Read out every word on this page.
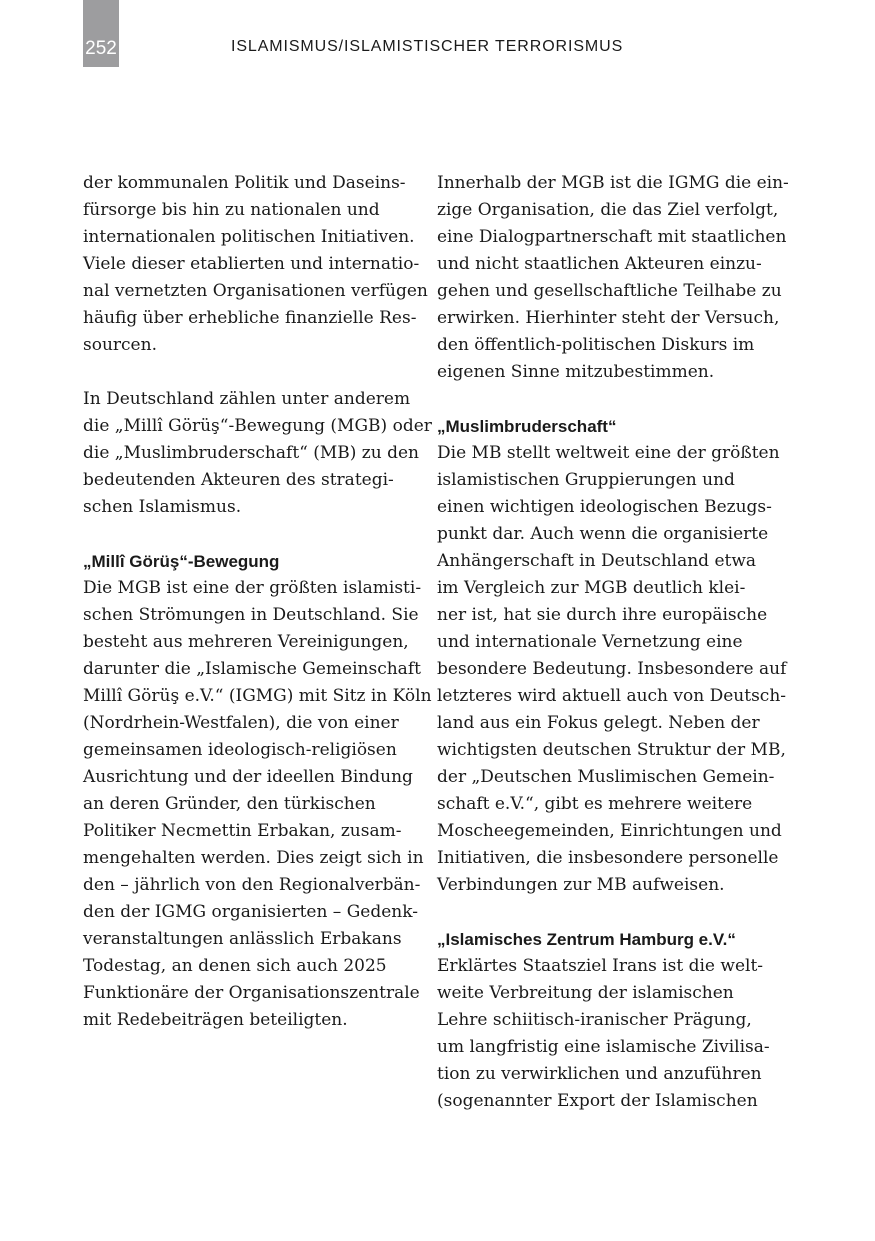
252	ISLAMISMUS/ISLAMISTISCHER TERRORISMUS
der kommunalen Politik und Daseins-
fürsorge bis hin zu nationalen und
internationalen politischen Initiativen.
Viele dieser etablierten und internatio-
nal vernetzten Organisationen verfügen
häufig über erhebliche finanzielle Res-
sourcen.
In Deutschland zählen unter anderem
die „Millî Görüş“-Bewegung (MGB) oder
die „Muslimbruderschaft“ (MB) zu den
bedeutenden Akteuren des strategi-
schen Islamismus.
„Millî Görüş“-Bewegung
Die MGB ist eine der größten islamisti-
schen Strömungen in Deutschland. Sie
besteht aus mehreren Vereinigungen,
darunter die „Islamische Gemeinschaft
Millî Görüş e.V.“ (IGMG) mit Sitz in Köln
(Nordrhein-Westfalen), die von einer
gemeinsamen ideologisch-religiösen
Ausrichtung und der ideellen Bindung
an deren Gründer, den türkischen
Politiker Necmettin Erbakan, zusam-
mengehalten werden. Dies zeigt sich in
den – jährlich von den Regionalverbän-
den der IGMG organisierten – Gedenk-
veranstaltungen anlässlich Erbakans
Todestag, an denen sich auch 2025
Funktionäre der Organisationszentrale
mit Redebeiträgen beteiligten.
Innerhalb der MGB ist die IGMG die ein-
zige Organisation, die das Ziel verfolgt,
eine Dialogpartnerschaft mit staatlichen
und nicht staatlichen Akteuren einzu-
gehen und gesellschaftliche Teilhabe zu
erwirken. Hierhinter steht der Versuch,
den öffentlich-politischen Diskurs im
eigenen Sinne mitzubestimmen.
„Muslimbruderschaft“
Die MB stellt weltweit eine der größten
islamistischen Gruppierungen und
einen wichtigen ideologischen Bezugs-
punkt dar. Auch wenn die organisierte
Anhängerschaft in Deutschland etwa
im Vergleich zur MGB deutlich klei-
ner ist, hat sie durch ihre europäische
und internationale Vernetzung eine
besondere Bedeutung. Insbesondere auf
letzteres wird aktuell auch von Deutsch-
land aus ein Fokus gelegt. Neben der
wichtigsten deutschen Struktur der MB,
der „Deutschen Muslimischen Gemein-
schaft e.V.“, gibt es mehrere weitere
Moscheegemeinden, Einrichtungen und
Initiativen, die insbesondere personelle
Verbindungen zur MB aufweisen.
„Islamisches Zentrum Hamburg e.V.“
Erklärtes Staatsziel Irans ist die welt-
weite Verbreitung der islamischen
Lehre schiitisch-iranischer Prägung,
um langfristig eine islamische Zivilisa-
tion zu verwirklichen und anzuführen
(sogenannter Export der Islamischen
